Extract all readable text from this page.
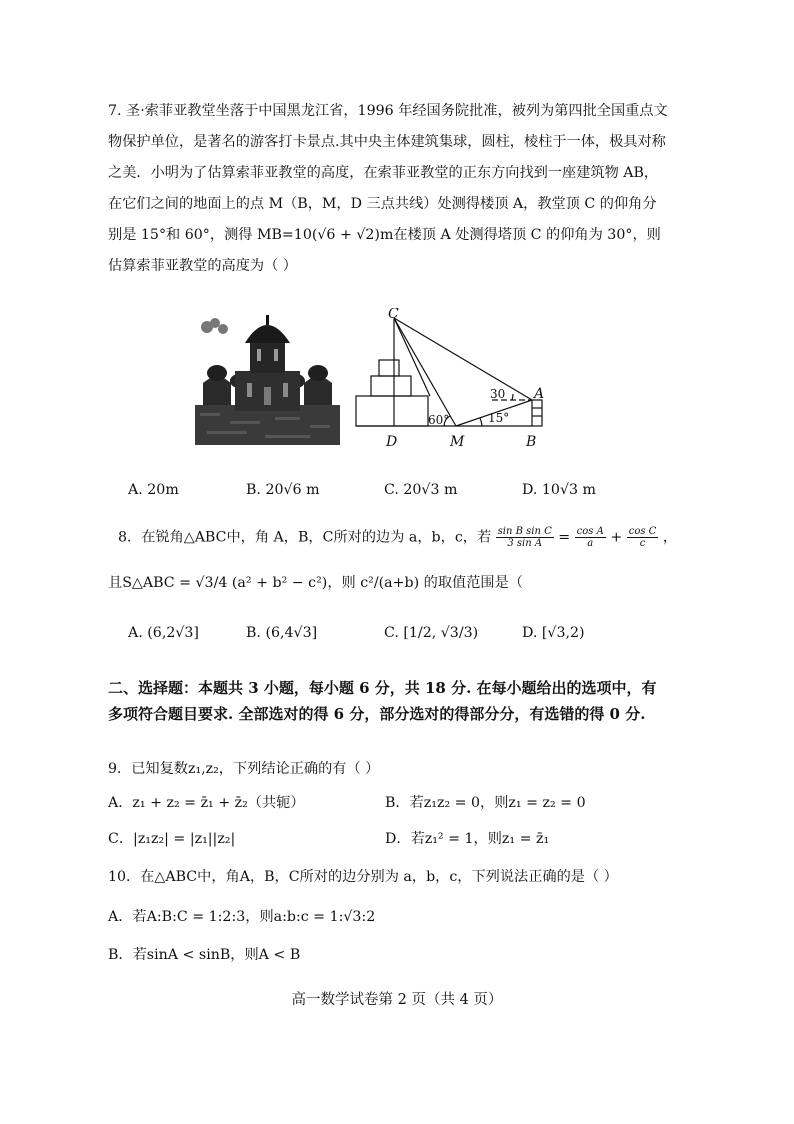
7. 圣·索菲亚教堂坐落于中国黑龙江省，1996 年经国务院批准，被列为第四批全国重点文物保护单位，是著名的游客打卡景点.其中央主体建筑集球，圆柱，棱柱于一体，极具对称之美．小明为了估算索菲亚教堂的高度，在索菲亚教堂的正东方向找到一座建筑物 AB，在它们之间的地面上的点 M（B，M，D 三点共线）处测得楼顶 A，教堂顶 C 的仰角分别是 15°和 60°，测得 MB=10(√6 + √2)m在楼顶 A 处测得塔顶 C 的仰角为 30°，则估算索菲亚教堂的高度为（ ）

C
A
D	M	B
60°	15°
30
A. 20m	B. 20√6 m	C. 20√3 m	D. 10√3 m
8．在锐角△ABC中，角 A，B，C所对的边为 a，b，c，若 $\frac{\text{sin B sin C}}{\text{3 sin A}} = \frac{\text{cos A}}{a} + \frac{\text{cos C}}{c}$ ，
且S△ABC = √3/4 (a² + b² − c²)，则 c²/(a+b) 的取值范围是（
A. (6,2√3]	B. (6,4√3]	C. [1/2, √3/3)	D. [√3,2)
二、选择题：本题共 3 小题，每小题 6 分，共 18 分. 在每小题给出的选项中，有多项符合题目要求. 全部选对的得 6 分，部分选对的得部分分，有选错的得 0 分.
9．已知复数z₁,z₂，下列结论正确的有（ ）
A．z₁ + z₂ = z̄₁ + z̄₂（共轭）	B．若z₁z₂ = 0，则z₁ = z₂ = 0
C．|z₁z₂| = |z₁||z₂|	D．若z₁² = 1，则z₁ = z̄₁
10．在△ABC中，角A，B，C所对的边分别为 a，b，c，下列说法正确的是（ ）
A．若A:B:C = 1:2:3，则a:b:c = 1:√3:2
B．若sinA < sinB，则A < B
高一数学试卷第 2 页（共 4 页）
